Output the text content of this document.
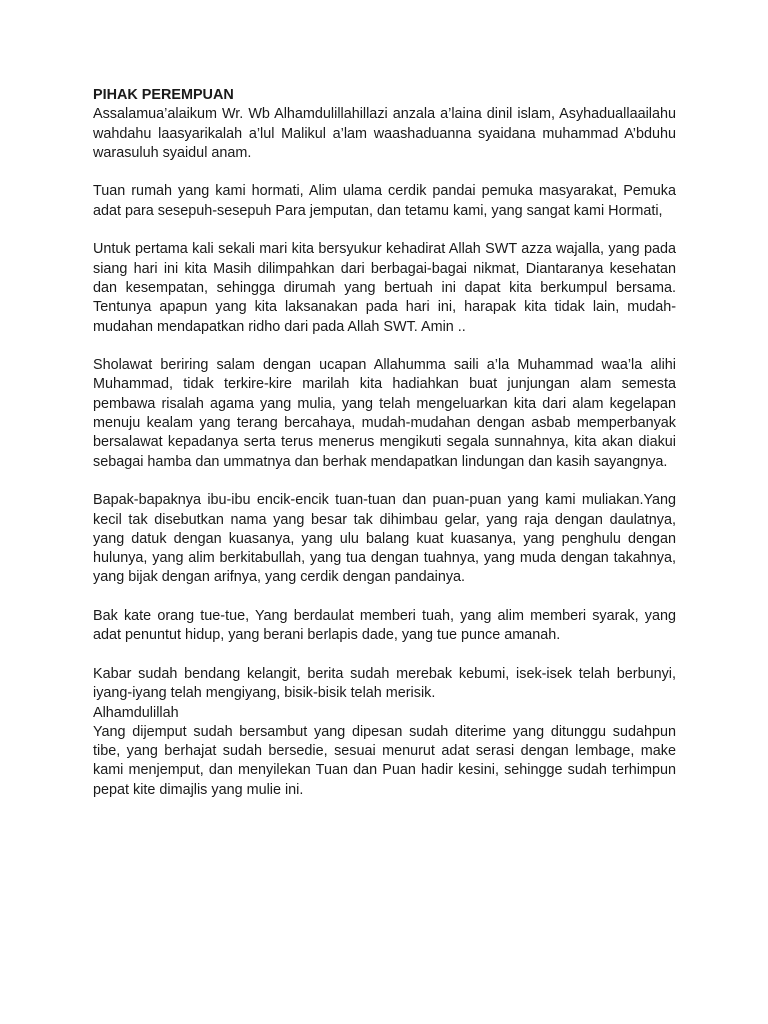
PIHAK PEREMPUAN

Assalamua’alaikum Wr. Wb Alhamdulillahillazi anzala a’laina dinil islam, Asyhaduallaailahu wahdahu laasyarikalah a’lul Malikul a’lam waashaduanna syaidana muhammad A’bduhu warasuluh syaidul anam.

Tuan rumah yang kami hormati, Alim ulama cerdik pandai pemuka masyarakat, Pemuka adat para sesepuh-sesepuh Para jemputan, dan tetamu kami, yang sangat kami Hormati,

Untuk pertama kali sekali mari kita bersyukur kehadirat Allah SWT azza wajalla, yang pada siang hari ini kita Masih dilimpahkan dari berbagai-bagai nikmat, Diantaranya kesehatan dan kesempatan, sehingga dirumah yang bertuah ini dapat kita berkumpul bersama. Tentunya apapun yang kita laksanakan pada hari ini, harapak kita tidak lain, mudah-mudahan mendapatkan ridho dari pada Allah SWT. Amin ..

Sholawat beriring salam dengan ucapan Allahumma saili a’la Muhammad waa’la alihi Muhammad, tidak terkire-kire marilah kita hadiahkan buat junjungan alam semesta pembawa risalah agama yang mulia, yang telah mengeluarkan kita dari alam kegelapan menuju kealam yang terang bercahaya, mudah-mudahan dengan asbab memperbanyak bersalawat kepadanya serta terus menerus mengikuti segala sunnahnya, kita akan diakui sebagai hamba dan ummatnya dan berhak mendapatkan lindungan dan kasih sayangnya.

Bapak-bapaknya ibu-ibu encik-encik tuan-tuan dan puan-puan yang kami muliakan.Yang kecil tak disebutkan nama yang besar tak dihimbau gelar, yang raja dengan daulatnya, yang datuk dengan kuasanya, yang ulu balang kuat kuasanya, yang penghulu dengan hulunya, yang alim berkitabullah, yang tua dengan tuahnya, yang muda dengan takahnya, yang bijak dengan arifnya, yang cerdik dengan pandainya.

Bak kate orang tue-tue, Yang berdaulat memberi tuah, yang alim memberi syarak, yang adat penuntut hidup, yang berani berlapis dade, yang tue punce amanah.

Kabar sudah bendang kelangit, berita sudah merebak kebumi, isek-isek telah berbunyi, iyang-iyang telah mengiyang, bisik-bisik telah merisik.

Alhamdulillah

Yang dijemput sudah bersambut yang dipesan sudah diterime yang ditunggu sudahpun tibe, yang berhajat sudah bersedie, sesuai menurut adat serasi dengan lembage, make kami menjemput, dan menyilekan Tuan dan Puan hadir kesini, sehingge sudah terhimpun pepat kite dimajlis yang mulie ini.
